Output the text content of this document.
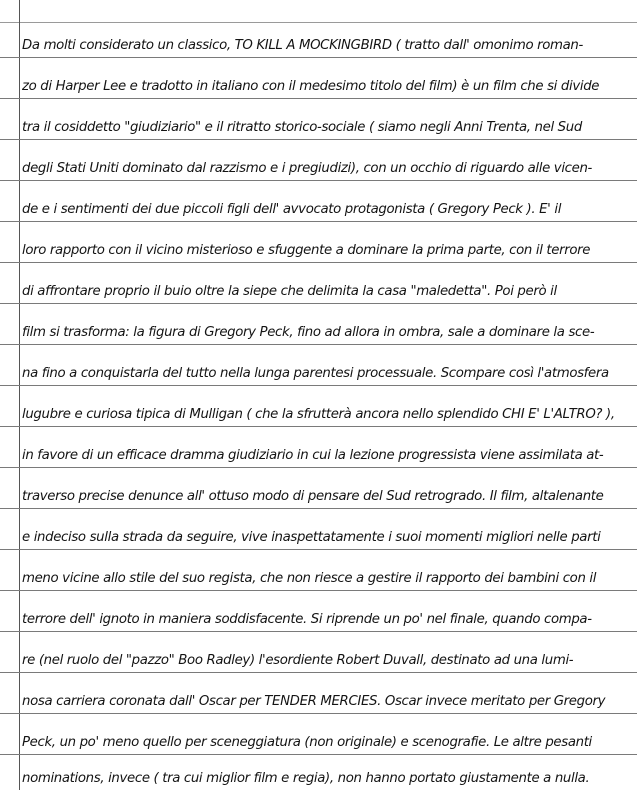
Da molti considerato un classico, TO KILL A MOCKINGBIRD ( tratto dall' omonimo roman-
zo di Harper Lee e tradotto in italiano con il medesimo titolo del film) è un film che si divide
tra il cosiddetto "giudiziario" e il ritratto storico-sociale ( siamo negli Anni Trenta, nel Sud
degli Stati Uniti dominato dal razzismo e i pregiudizi), con un occhio di riguardo alle vicen-
de e i sentimenti dei due piccoli figli dell' avvocato protagonista ( Gregory Peck ). E' il
loro rapporto con il vicino misterioso e sfuggente a dominare la prima parte, con il terrore
di affrontare proprio il buio oltre la siepe che delimita la casa "maledetta". Poi però il
film si trasforma: la figura di Gregory Peck, fino ad allora in ombra, sale a dominare la sce-
na fino a conquistarla del tutto nella lunga parentesi processuale. Scompare così l'atmosfera
lugubre e curiosa tipica di Mulligan ( che la sfrutterà ancora nello splendido CHI E' L'ALTRO? ),
in favore di un efficace dramma giudiziario in cui la lezione progressista viene assimilata at-
traverso precise denunce all' ottuso modo di pensare del Sud retrogrado. Il film, altalenante
e indeciso sulla strada da seguire, vive inaspettatamente i suoi momenti migliori nelle parti
meno vicine allo stile del suo regista, che non riesce a gestire il rapporto dei bambini con il
terrore dell' ignoto in maniera soddisfacente. Si riprende un po' nel finale, quando compa-
re (nel ruolo del "pazzo" Boo Radley) l'esordiente Robert Duvall, destinato ad una lumi-
nosa carriera coronata dall' Oscar per TENDER MERCIES. Oscar invece meritato per Gregory
Peck, un po' meno quello per sceneggiatura (non originale) e scenografie. Le altre pesanti
nominations, invece ( tra cui miglior film e regia), non hanno portato giustamente a nulla.
